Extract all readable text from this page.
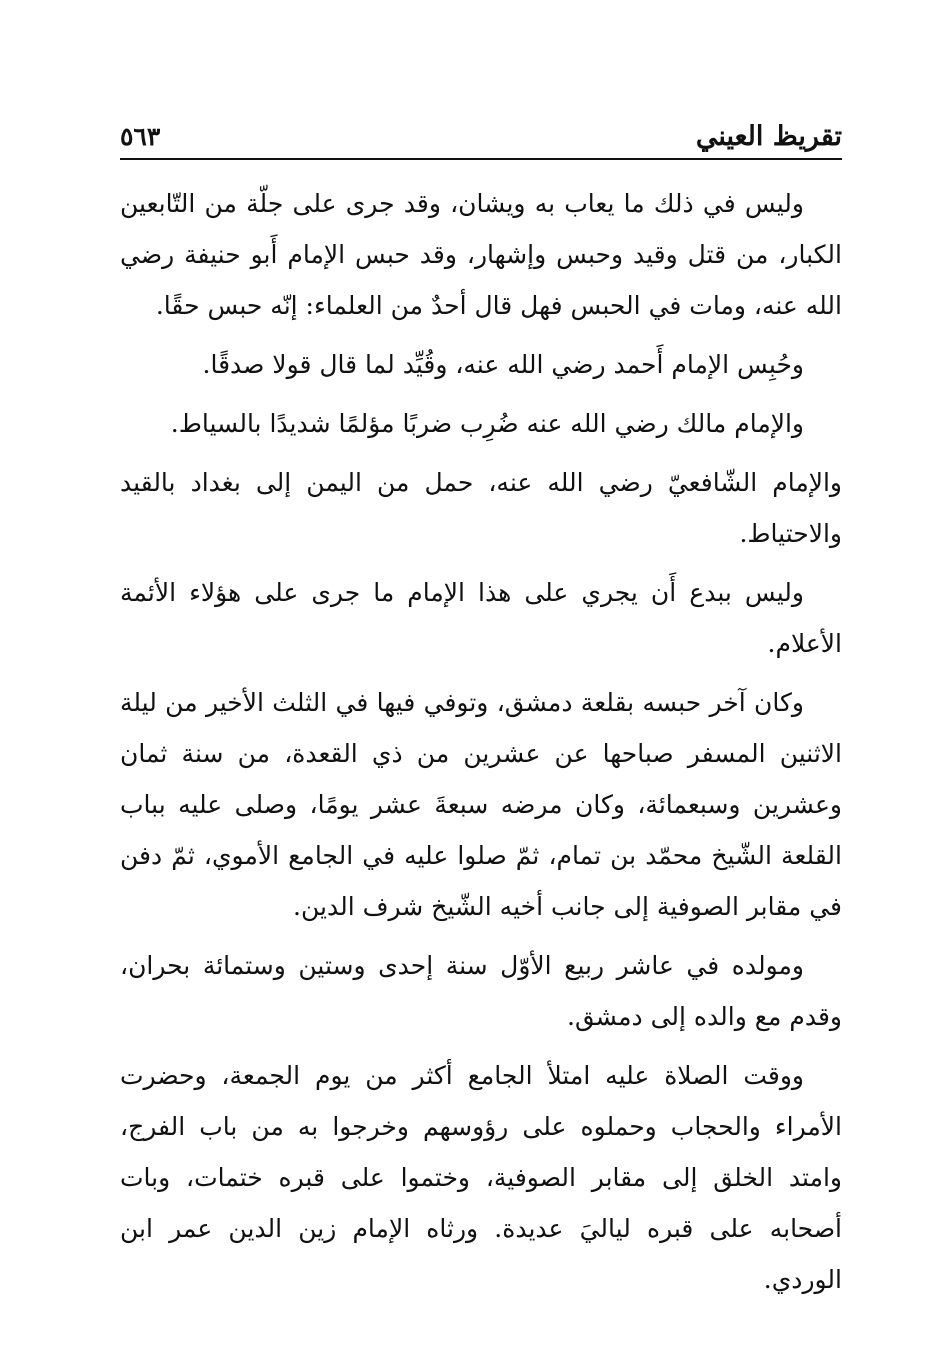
تقريظ العيني
٥٦٣

وليس في ذلك ما يعاب به ويشان، وقد جرى على جلّة من التّابعين الكبار، من قتل وقيد وحبس وإشهار، وقد حبس الإمام أَبو حنيفة رضي الله عنه، ومات في الحبس فهل قال أحدٌ من العلماء: إنّه حبس حقًا.

وحُبِس الإمام أَحمد رضي الله عنه، وقُيِّد لما قال قولا صدقًا.

والإمام مالك رضي الله عنه ضُرِب ضربًا مؤلمًا شديدًا بالسياط.

والإمام الشّافعيّ رضي الله عنه، حمل من اليمن إلى بغداد بالقيد والاحتياط.

وليس ببدع أَن يجري على هذا الإمام ما جرى على هؤلاء الأئمة الأعلام.

وكان آخر حبسه بقلعة دمشق، وتوفي فيها في الثلث الأخير من ليلة الاثنين المسفر صباحها عن عشرين من ذي القعدة، من سنة ثمان وعشرين وسبعمائة، وكان مرضه سبعةَ عشر يومًا، وصلى عليه بباب القلعة الشّيخ محمّد بن تمام، ثمّ صلوا عليه في الجامع الأموي، ثمّ دفن في مقابر الصوفية إلى جانب أخيه الشّيخ شرف الدين.

ومولده في عاشر ربيع الأوّل سنة إحدى وستين وستمائة بحران، وقدم مع والده إلى دمشق.

ووقت الصلاة عليه امتلأ الجامع أكثر من يوم الجمعة، وحضرت الأمراء والحجاب وحملوه على رؤوسهم وخرجوا به من باب الفرج، وامتد الخلق إلى مقابر الصوفية، وختموا على قبره ختمات، وبات أصحابه على قبره لياليَ عديدة. ورثاه الإمام زين الدين عمر ابن الوردي.
